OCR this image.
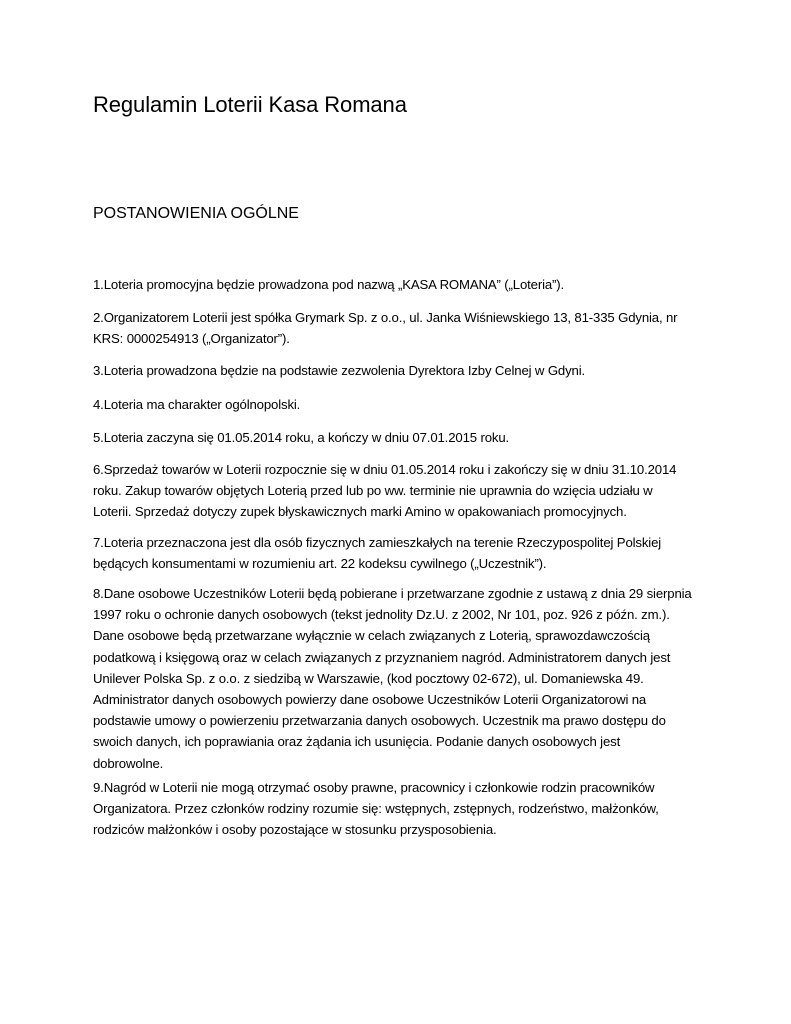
Regulamin Loterii Kasa Romana
POSTANOWIENIA OGÓLNE

1.Loteria promocyjna będzie prowadzona pod nazwą „KASA ROMANA” („Loteria”).

2.Organizatorem Loterii jest spółka Grymark Sp. z o.o., ul. Janka Wiśniewskiego 13, 81-335 Gdynia, nr
KRS: 0000254913 („Organizator”).

3.Loteria prowadzona będzie na podstawie zezwolenia Dyrektora Izby Celnej w Gdyni.

4.Loteria ma charakter ogólnopolski.

5.Loteria zaczyna się 01.05.2014 roku, a kończy w dniu 07.01.2015 roku.

6.Sprzedaż towarów w Loterii rozpocznie się w dniu 01.05.2014 roku i zakończy się w dniu 31.10.2014
roku. Zakup towarów objętych Loterią przed lub po ww. terminie nie uprawnia do wzięcia udziału w
Loterii. Sprzedaż dotyczy zupek błyskawicznych marki Amino w opakowaniach promocyjnych.

7.Loteria przeznaczona jest dla osób fizycznych zamieszkałych na terenie Rzeczypospolitej Polskiej
będących konsumentami w rozumieniu art. 22 kodeksu cywilnego („Uczestnik”).

8.Dane osobowe Uczestników Loterii będą pobierane i przetwarzane zgodnie z ustawą z dnia 29 sierpnia
1997 roku o ochronie danych osobowych (tekst jednolity Dz.U. z 2002, Nr 101, poz. 926 z późn. zm.).
Dane osobowe będą przetwarzane wyłącznie w celach związanych z Loterią, sprawozdawczością
podatkową i księgową oraz w celach związanych z przyznaniem nagród. Administratorem danych jest
Unilever Polska Sp. z o.o. z siedzibą w Warszawie, (kod pocztowy 02-672), ul. Domaniewska 49.
Administrator danych osobowych powierzy dane osobowe Uczestników Loterii Organizatorowi na
podstawie umowy o powierzeniu przetwarzania danych osobowych. Uczestnik ma prawo dostępu do
swoich danych, ich poprawiania oraz żądania ich usunięcia. Podanie danych osobowych jest
dobrowolne.

9.Nagród w Loterii nie mogą otrzymać osoby prawne, pracownicy i członkowie rodzin pracowników
Organizatora. Przez członków rodziny rozumie się: wstępnych, zstępnych, rodzeństwo, małżonków,
rodziców małżonków i osoby pozostające w stosunku przysposobienia.
